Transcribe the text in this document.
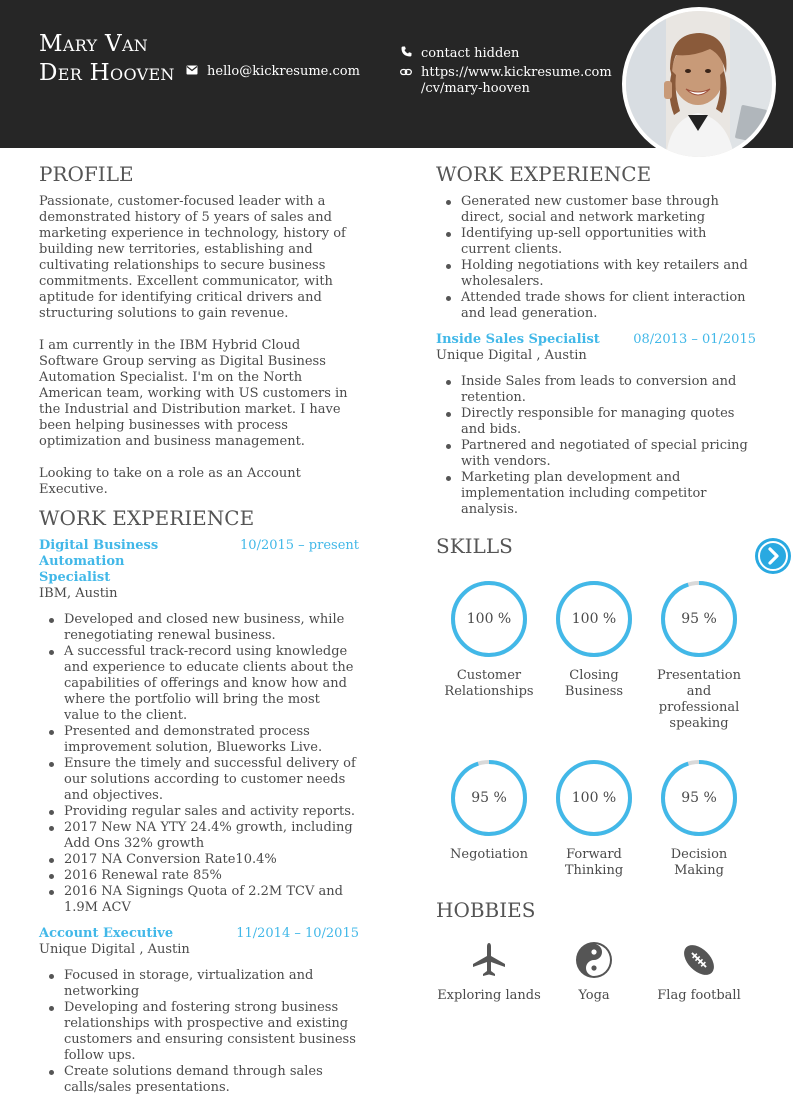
Mary Van Der Hooven	hello@kickresume.com
contact hidden
https://www.kickresume.com
/cv/mary-hooven
PROFILE

Passionate, customer-focused leader with a demonstrated history of 5 years of sales and marketing experience in technology, history of building new territories, establishing and cultivating relationships to secure business commitments. Excellent communicator, with aptitude for identifying critical drivers and structuring solutions to gain revenue.

I am currently in the IBM Hybrid Cloud Software Group serving as Digital Business Automation Specialist. I'm on the North American team, working with US customers in the Industrial and Distribution market. I have been helping businesses with process optimization and business management.

Looking to take on a role as an Account Executive.

WORK EXPERIENCE
Digital Business Automation Specialist
10/2015 – present
IBM, Austin
Developed and closed new business, while renegotiating renewal business.
A successful track-record using knowledge and experience to educate clients about the capabilities of offerings and know how and where the portfolio will bring the most value to the client.
Presented and demonstrated process improvement solution, Blueworks Live.
Ensure the timely and successful delivery of our solutions according to customer needs and objectives.
Providing regular sales and activity reports.
2017 New NA YTY 24.4% growth, including Add Ons 32% growth
2017 NA Conversion Rate10.4%
2016 Renewal rate 85%
2016 NA Signings Quota of 2.2M TCV and 1.9M ACV
Account Executive	11/2014 – 10/2015
Unique Digital , Austin
Focused in storage, virtualization and networking
Developing and fostering strong business relationships with prospective and existing customers and ensuring consistent business follow ups.
Create solutions demand through sales calls/sales presentations.
WORK EXPERIENCE
Generated new customer base through direct, social and network marketing
Identifying up-sell opportunities with current clients.
Holding negotiations with key retailers and wholesalers.
Attended trade shows for client interaction and lead generation.
Inside Sales Specialist	08/2013 – 01/2015
Unique Digital , Austin
Inside Sales from leads to conversion and retention.
Directly responsible for managing quotes and bids.
Partnered and negotiated of special pricing with vendors.
Marketing plan development and implementation including competitor analysis.
SKILLS
100 %
Customer Relationships
100 %
Closing Business
95 %
Presentation and professional speaking
95 %
Negotiation
100 %
Forward Thinking
95 %
Decision Making
HOBBIES
Exploring lands	Yoga	Flag football
